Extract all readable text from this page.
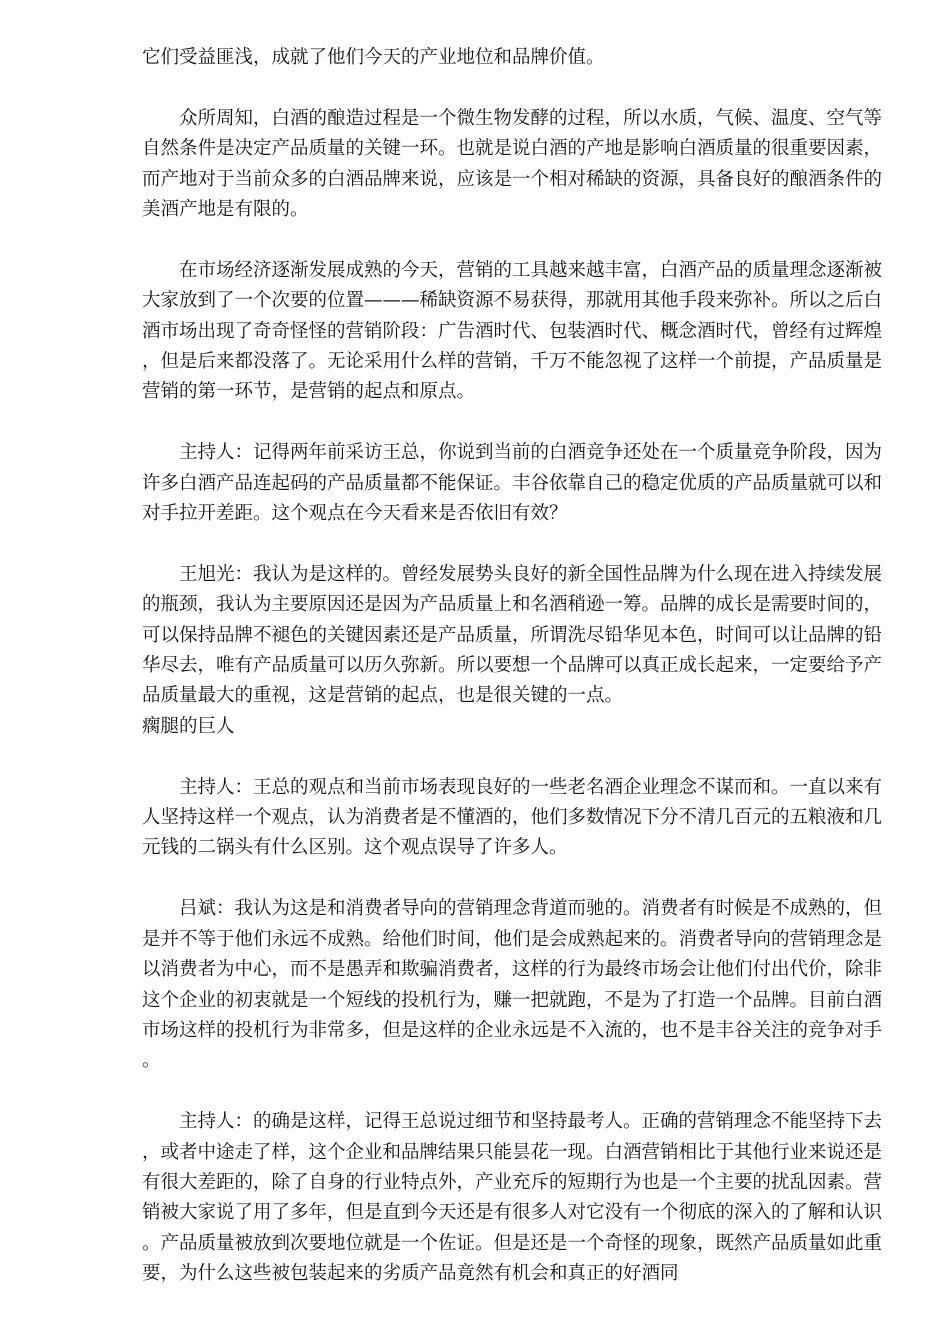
它们受益匪浅，成就了他们今天的产业地位和品牌价值。

众所周知，白酒的酿造过程是一个微生物发酵的过程，所以水质，气候、温度、空气等自然条件是决定产品质量的关键一环。也就是说白酒的产地是影响白酒质量的很重要因素，而产地对于当前众多的白酒品牌来说，应该是一个相对稀缺的资源，具备良好的酿酒条件的美酒产地是有限的。

在市场经济逐渐发展成熟的今天，营销的工具越来越丰富，白酒产品的质量理念逐渐被大家放到了一个次要的位置———稀缺资源不易获得，那就用其他手段来弥补。所以之后白酒市场出现了奇奇怪怪的营销阶段：广告酒时代、包装酒时代、概念酒时代，曾经有过辉煌，但是后来都没落了。无论采用什么样的营销，千万不能忽视了这样一个前提，产品质量是营销的第一环节，是营销的起点和原点。

主持人：记得两年前采访王总，你说到当前的白酒竞争还处在一个质量竞争阶段，因为许多白酒产品连起码的产品质量都不能保证。丰谷依靠自己的稳定优质的产品质量就可以和对手拉开差距。这个观点在今天看来是否依旧有效？

王旭光：我认为是这样的。曾经发展势头良好的新全国性品牌为什么现在进入持续发展的瓶颈，我认为主要原因还是因为产品质量上和名酒稍逊一筹。品牌的成长是需要时间的，可以保持品牌不褪色的关键因素还是产品质量，所谓洗尽铅华见本色，时间可以让品牌的铅华尽去，唯有产品质量可以历久弥新。所以要想一个品牌可以真正成长起来，一定要给予产品质量最大的重视，这是营销的起点，也是很关键的一点。

瘸腿的巨人

主持人：王总的观点和当前市场表现良好的一些老名酒企业理念不谋而和。一直以来有人坚持这样一个观点，认为消费者是不懂酒的，他们多数情况下分不清几百元的五粮液和几元钱的二锅头有什么区别。这个观点误导了许多人。

吕斌：我认为这是和消费者导向的营销理念背道而驰的。消费者有时候是不成熟的，但是并不等于他们永远不成熟。给他们时间，他们是会成熟起来的。消费者导向的营销理念是以消费者为中心，而不是愚弄和欺骗消费者，这样的行为最终市场会让他们付出代价，除非这个企业的初衷就是一个短线的投机行为，赚一把就跑，不是为了打造一个品牌。目前白酒市场这样的投机行为非常多，但是这样的企业永远是不入流的，也不是丰谷关注的竞争对手。

主持人：的确是这样，记得王总说过细节和坚持最考人。正确的营销理念不能坚持下去，或者中途走了样，这个企业和品牌结果只能昙花一现。白酒营销相比于其他行业来说还是有很大差距的，除了自身的行业特点外，产业充斥的短期行为也是一个主要的扰乱因素。营销被大家说了用了多年，但是直到今天还是有很多人对它没有一个彻底的深入的了解和认识。产品质量被放到次要地位就是一个佐证。但是还是一个奇怪的现象，既然产品质量如此重要，为什么这些被包装起来的劣质产品竟然有机会和真正的好酒同
